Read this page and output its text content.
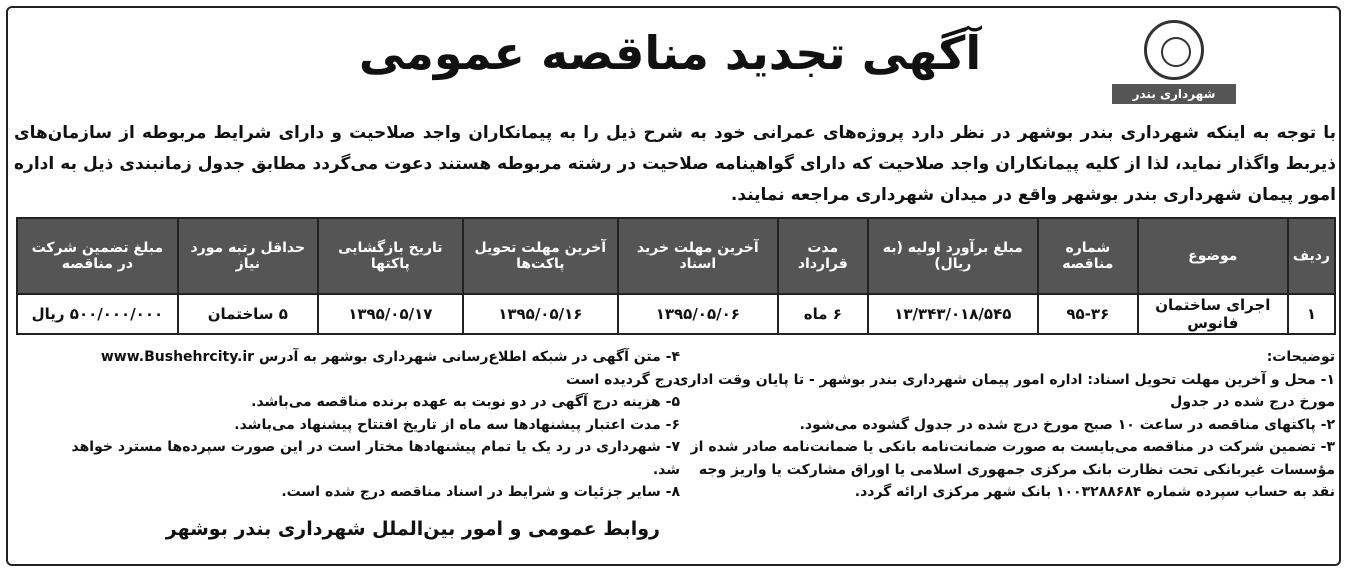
شهرداری بندر بوشهر
آگهی تجدید مناقصه عمومی
با توجه به اینکه شهرداری بندر بوشهر در نظر دارد پروژه‌های عمرانی خود به شرح ذیل را به پیمانکاران واجد صلاحیت و دارای شرایط مربوطه از سازمان‌های ذیربط واگذار نماید، لذا از کلیه پیمانکاران واجد صلاحیت که دارای گواهینامه صلاحیت در رشته مربوطه هستند دعوت می‌گردد مطابق جدول زمانبندی ذیل به اداره امور پیمان شهرداری بندر بوشهر واقع در میدان شهرداری مراجعه نمایند.
ردیف	موضوع	شماره مناقصه	مبلغ برآورد اولیه (به ریال)	مدت قرارداد	آخرین مهلت خرید اسناد	آخرین مهلت تحویل پاکت‌ها	تاریخ بازگشایی پاکتها	حداقل رتبه مورد نیاز	مبلغ تضمین شرکت در مناقصه
۱	اجرای ساختمان فانوس	۹۵-۳۶	۱۳/۳۴۳/۰۱۸/۵۴۵	۶ ماه	۱۳۹۵/۰۵/۰۶	۱۳۹۵/۰۵/۱۶	۱۳۹۵/۰۵/۱۷	۵ ساختمان	۵۰۰/۰۰۰/۰۰۰ ریال
توضیحات:
۱- محل و آخرین مهلت تحویل اسناد: اداره امور پیمان شهرداری بندر بوشهر - تا پایان وقت اداری مورخ درج شده در جدول
۲- پاکتهای مناقصه در ساعت ۱۰ صبح مورخ درج شده در جدول گشوده می‌شود.
۳- تضمین شرکت در مناقصه می‌بایست به صورت ضمانت‌نامه بانکی یا ضمانت‌نامه صادر شده از مؤسسات غیربانکی تحت نظارت بانک مرکزی جمهوری اسلامی یا اوراق مشارکت یا واریز وجه نقد به حساب سپرده شماره ۱۰۰۳۲۸۸۶۸۴ بانک شهر مرکزی ارائه گردد.
۴- متن آگهی در شبکه اطلاع‌رسانی شهرداری بوشهر به آدرس www.Bushehrcity.ir
درج گردیده است
۵- هزینه درج آگهی در دو نوبت به عهده برنده مناقصه می‌باشد.
۶- مدت اعتبار پیشنهادها سه ماه از تاریخ افتتاح پیشنهاد می‌باشد.
۷- شهرداری در رد یک یا تمام پیشنهادها مختار است در این صورت سپرده‌ها مسترد خواهد شد.
۸- سایر جزئیات و شرایط در اسناد مناقصه درج شده است.
روابط عمومی و امور بین‌الملل شهرداری بندر بوشهر
